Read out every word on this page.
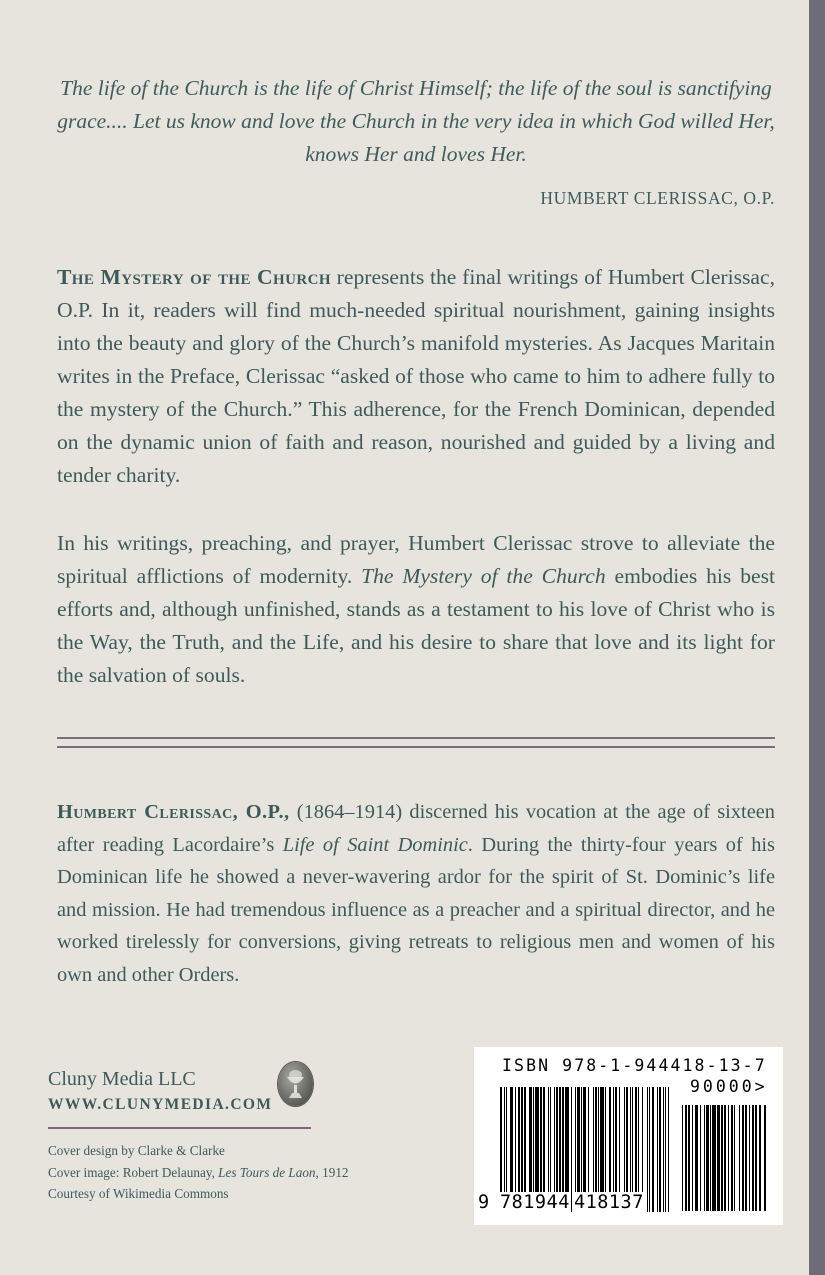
The life of the Church is the life of Christ Himself; the life of the soul is sanctifying grace.... Let us know and love the Church in the very idea in which God willed Her, knows Her and loves Her.
HUMBERT CLERISSAC, O.P.
The Mystery of the Church represents the final writings of Humbert Clerissac, O.P. In it, readers will find much-needed spiritual nourishment, gaining insights into the beauty and glory of the Church’s manifold mysteries. As Jacques Maritain writes in the Preface, Clerissac “asked of those who came to him to adhere fully to the mystery of the Church.” This adherence, for the French Dominican, depended on the dynamic union of faith and reason, nourished and guided by a living and tender charity.
In his writings, preaching, and prayer, Humbert Clerissac strove to alleviate the spiritual afflictions of modernity. The Mystery of the Church embodies his best efforts and, although unfinished, stands as a testament to his love of Christ who is the Way, the Truth, and the Life, and his desire to share that love and its light for the salvation of souls.
Humbert Clerissac, O.P., (1864–1914) discerned his vocation at the age of sixteen after reading Lacordaire’s Life of Saint Dominic. During the thirty-four years of his Dominican life he showed a never-wavering ardor for the spirit of St. Dominic’s life and mission. He had tremendous influence as a preacher and a spiritual director, and he worked tirelessly for conversions, giving retreats to religious men and women of his own and other Orders.
Cluny Media LLC
WWW.CLUNYMEDIA.COM
Cover design by Clarke & Clarke
Cover image: Robert Delaunay, Les Tours de Laon, 1912
Courtesy of Wikimedia Commons
ISBN 978-1-944418-13-7
90000>
9 781944 418137
